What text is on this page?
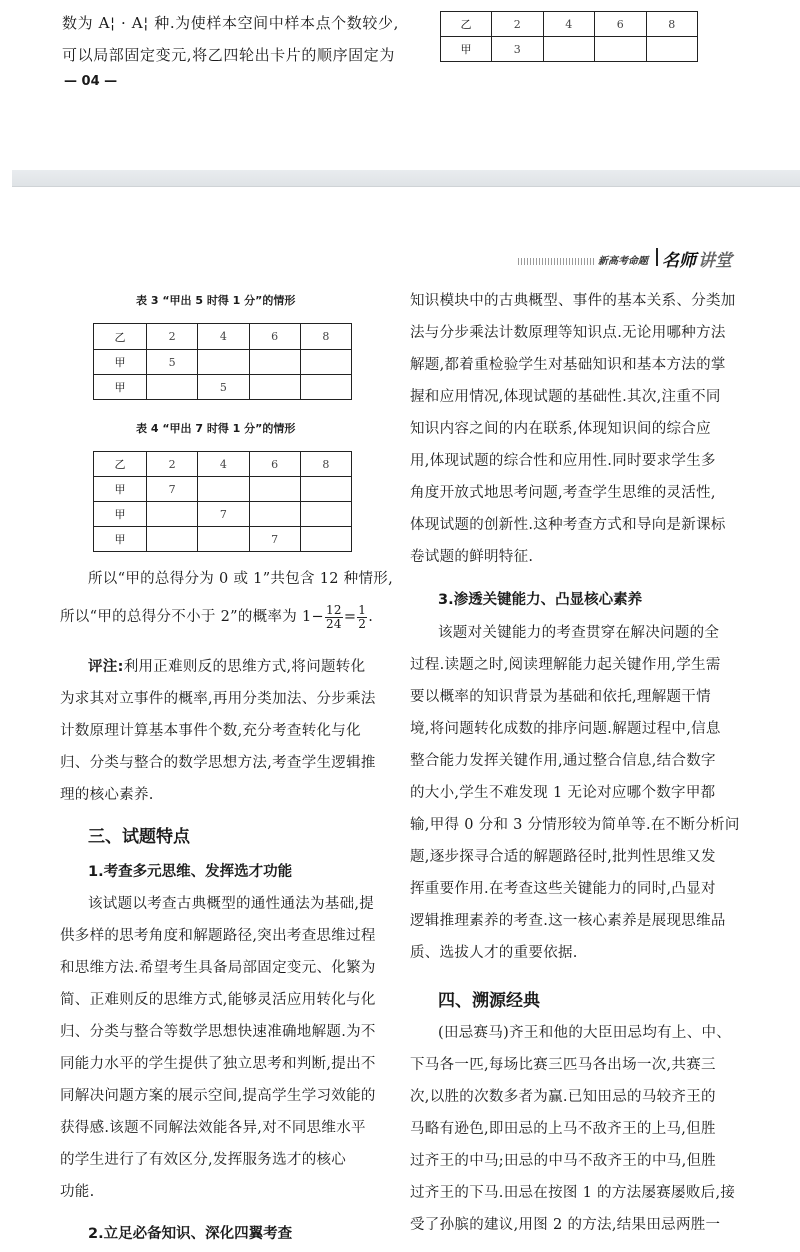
数为 A¦ · A¦ 种.为使样本空间中样本点个数较少,
可以局部固定变元,将乙四轮出卡片的顺序固定为
— 04 —
乙	2	4	6	8
甲	3			
新高考命题 名师 讲堂
表 3 “甲出 5 时得 1 分”的情形
乙	2	4	6	8
甲	5			
甲		5		
表 4 “甲出 7 时得 1 分”的情形
乙	2	4	6	8
甲	7			
甲		7		
甲			7	
所以“甲的总得分为 0 或 1”共包含 12 种情形,
所以“甲的总得分不小于 2”的概率为 $1- \frac{12}{24} = \frac{1}{2}$ .
评注:利用正难则反的思维方式,将问题转化
为求其对立事件的概率,再用分类加法、分步乘法
计数原理计算基本事件个数,充分考查转化与化
归、分类与整合的数学思想方法,考查学生逻辑推
理的核心素养.
三、试题特点
1.考查多元思维、发挥选才功能
该试题以考查古典概型的通性通法为基础,提
供多样的思考角度和解题路径,突出考查思维过程
和思维方法.希望考生具备局部固定变元、化繁为
简、正难则反的思维方式,能够灵活应用转化与化
归、分类与整合等数学思想快速准确地解题.为不
同能力水平的学生提供了独立思考和判断,提出不
同解决问题方案的展示空间,提高学生学习效能的
获得感.该题不同解法效能各异,对不同思维水平
的学生进行了有效区分,发挥服务选才的核心
功能.
2.立足必备知识、深化四翼考查
知识模块中的古典概型、事件的基本关系、分类加
法与分步乘法计数原理等知识点.无论用哪种方法
解题,都着重检验学生对基础知识和基本方法的掌
握和应用情况,体现试题的基础性.其次,注重不同
知识内容之间的内在联系,体现知识间的综合应
用,体现试题的综合性和应用性.同时要求学生多
角度开放式地思考问题,考查学生思维的灵活性,
体现试题的创新性.这种考查方式和导向是新课标
卷试题的鲜明特征.
3.渗透关键能力、凸显核心素养
该题对关键能力的考查贯穿在解决问题的全
过程.读题之时,阅读理解能力起关键作用,学生需
要以概率的知识背景为基础和依托,理解题干情
境,将问题转化成数的排序问题.解题过程中,信息
整合能力发挥关键作用,通过整合信息,结合数字
的大小,学生不难发现 1 无论对应哪个数字甲都
输,甲得 0 分和 3 分情形较为简单等.在不断分析问
题,逐步探寻合适的解题路径时,批判性思维又发
挥重要作用.在考查这些关键能力的同时,凸显对
逻辑推理素养的考查.这一核心素养是展现思维品
质、选拔人才的重要依据.
四、溯源经典
(田忌赛马)齐王和他的大臣田忌均有上、中、
下马各一匹,每场比赛三匹马各出场一次,共赛三
次,以胜的次数多者为赢.已知田忌的马较齐王的
马略有逊色,即田忌的上马不敌齐王的上马,但胜
过齐王的中马;田忌的中马不敌齐王的中马,但胜
过齐王的下马.田忌在按图 1 的方法屡赛屡败后,接
受了孙膑的建议,用图 2 的方法,结果田忌两胜一
